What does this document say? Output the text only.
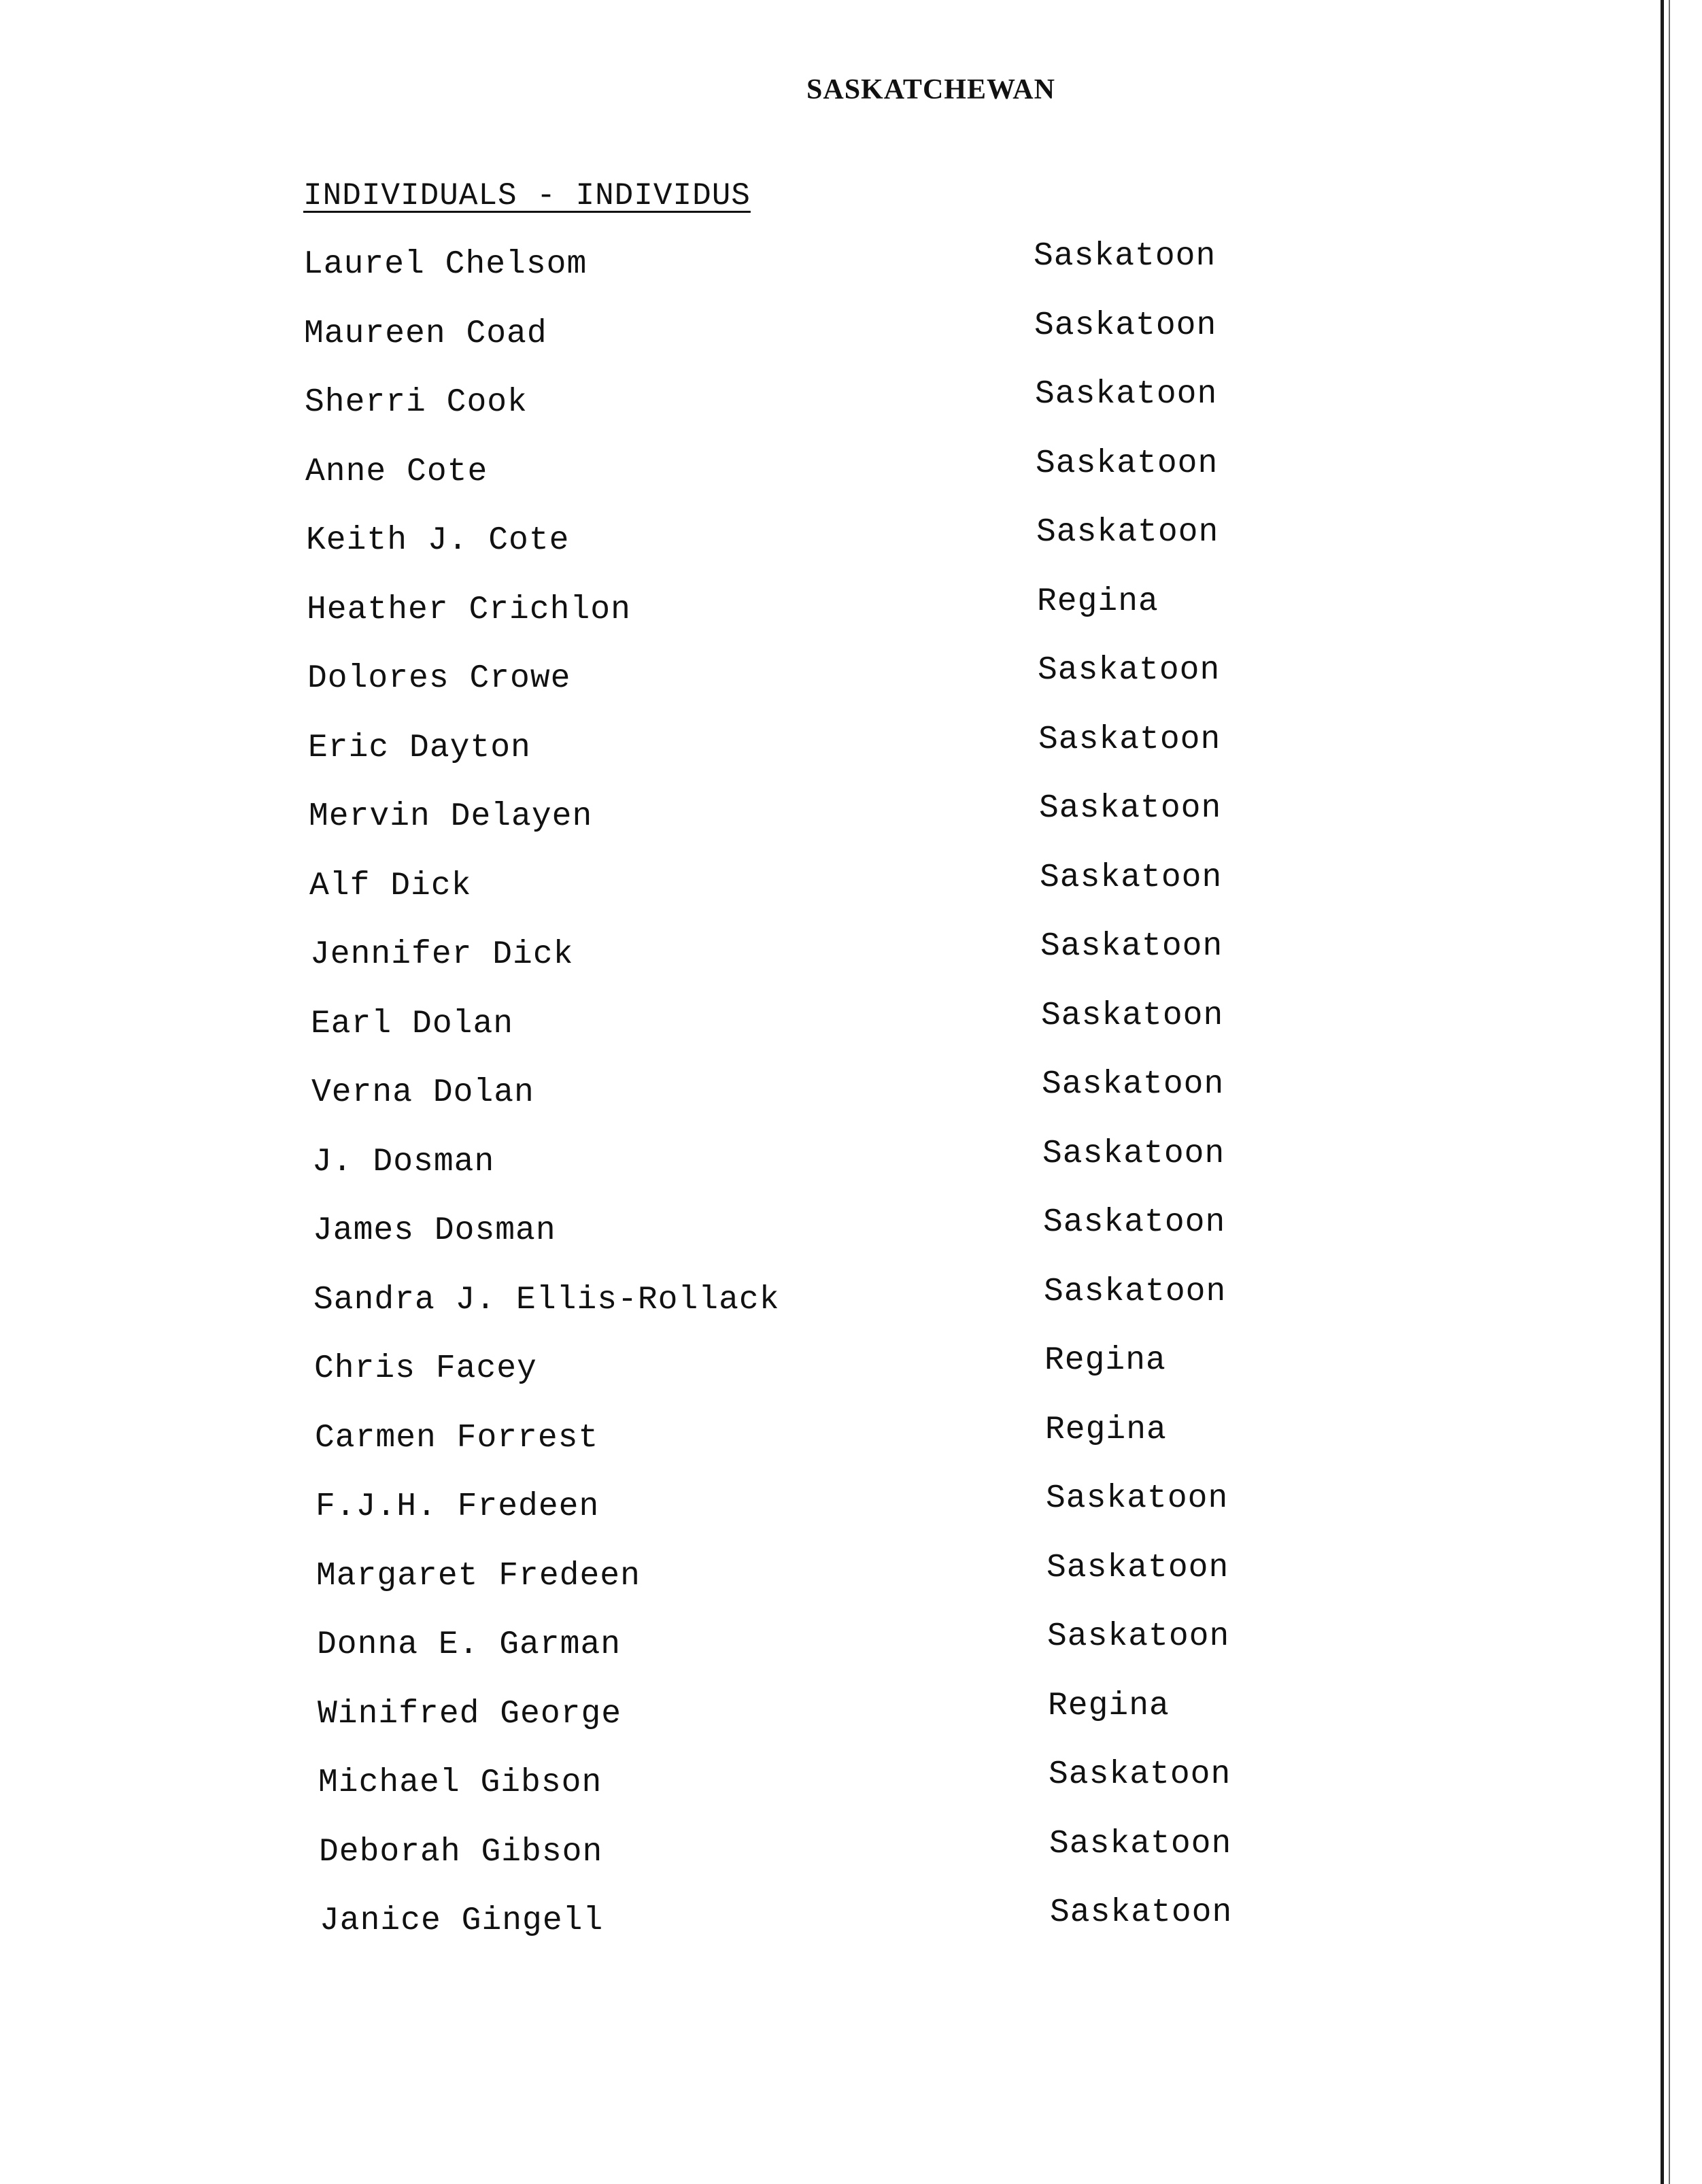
SASKATCHEWAN
INDIVIDUALS - INDIVIDUS
Laurel Chelsom	Saskatoon
Maureen Coad	Saskatoon
Sherri Cook	Saskatoon
Anne Cote	Saskatoon
Keith J. Cote	Saskatoon
Heather Crichlon	Regina
Dolores Crowe	Saskatoon
Eric Dayton	Saskatoon
Mervin Delayen	Saskatoon
Alf Dick	Saskatoon
Jennifer Dick	Saskatoon
Earl Dolan	Saskatoon
Verna Dolan	Saskatoon
J. Dosman	Saskatoon
James Dosman	Saskatoon
Sandra J. Ellis-Rollack	Saskatoon
Chris Facey	Regina
Carmen Forrest	Regina
F.J.H. Fredeen	Saskatoon
Margaret Fredeen	Saskatoon
Donna E. Garman	Saskatoon
Winifred George	Regina
Michael Gibson	Saskatoon
Deborah Gibson	Saskatoon
Janice Gingell	Saskatoon
